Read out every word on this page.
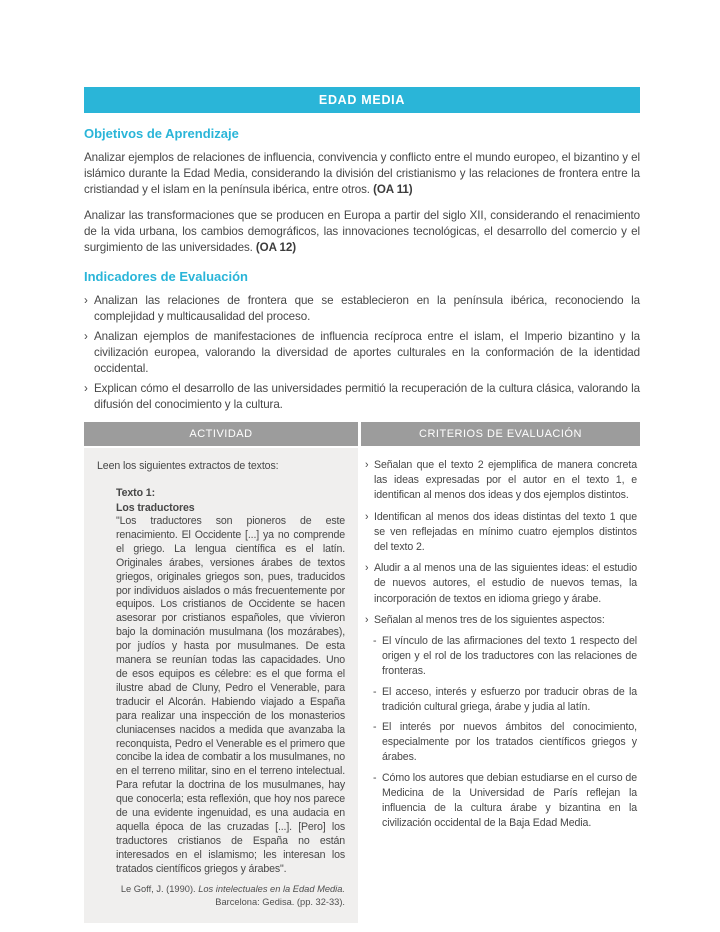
EDAD MEDIA
Objetivos de Aprendizaje

Analizar ejemplos de relaciones de influencia, convivencia y conflicto entre el mundo europeo, el bizantino y el islámico durante la Edad Media, considerando la división del cristianismo y las relaciones de frontera entre la cristiandad y el islam en la península ibérica, entre otros. (OA 11)

Analizar las transformaciones que se producen en Europa a partir del siglo XII, considerando el renacimiento de la vida urbana, los cambios demográficos, las innovaciones tecnológicas, el desarrollo del comercio y el surgimiento de las universidades. (OA 12)

Indicadores de Evaluación
› Analizan las relaciones de frontera que se establecieron en la península ibérica, reconociendo la complejidad y multicausalidad del proceso.
› Analizan ejemplos de manifestaciones de influencia recíproca entre el islam, el Imperio bizantino y la civilización europea, valorando la diversidad de aportes culturales en la conformación de la identidad occidental.
› Explican cómo el desarrollo de las universidades permitió la recuperación de la cultura clásica, valorando la difusión del conocimiento y la cultura.
ACTIVIDAD	CRITERIOS DE EVALUACIÓN
Leen los siguientes extractos de textos:
Texto 1:
Los traductores
"Los traductores son pioneros de este renacimiento. El Occidente [...] ya no comprende el griego. La lengua científica es el latín. Originales árabes, versiones árabes de textos griegos, originales griegos son, pues, traducidos por individuos aislados o más frecuentemente por equipos. Los cristianos de Occidente se hacen asesorar por cristianos españoles, que vivieron bajo la dominación musulmana (los mozárabes), por judíos y hasta por musulmanes. De esta manera se reunían todas las capacidades. Uno de esos equipos es célebre: es el que forma el ilustre abad de Cluny, Pedro el Venerable, para traducir el Alcorán. Habiendo viajado a España para realizar una inspección de los monasterios cluniacenses nacidos a medida que avanzaba la reconquista, Pedro el Venerable es el primero que concibe la idea de combatir a los musulmanes, no en el terreno militar, sino en el terreno intelectual. Para refutar la doctrina de los musulmanes, hay que conocerla; esta reflexión, que hoy nos parece de una evidente ingenuidad, es una audacia en aquella época de las cruzadas [...]. [Pero] los traductores cristianos de España no están interesados en el islamismo; les interesan los tratados científicos griegos y árabes".
Le Goff, J. (1990). Los intelectuales en la Edad Media.
Barcelona: Gedisa. (pp. 32-33).
› Señalan que el texto 2 ejemplifica de manera concreta las ideas expresadas por el autor en el texto 1, e identifican al menos dos ideas y dos ejemplos distintos.
› Identifican al menos dos ideas distintas del texto 1 que se ven reflejadas en mínimo cuatro ejemplos distintos del texto 2.
› Aludir a al menos una de las siguientes ideas: el estudio de nuevos autores, el estudio de nuevos temas, la incorporación de textos en idioma griego y árabe.
› Señalan al menos tres de los siguientes aspectos:
- El vínculo de las afirmaciones del texto 1 respecto del origen y el rol de los traductores con las relaciones de fronteras.
- El acceso, interés y esfuerzo por traducir obras de la tradición cultural griega, árabe y judia al latín.
- El interés por nuevos ámbitos del conocimiento, especialmente por los tratados científicos griegos y árabes.
- Cómo los autores que debian estudiarse en el curso de Medicina de la Universidad de París reflejan la influencia de la cultura árabe y bizantina en la civilización occidental de la Baja Edad Media.
